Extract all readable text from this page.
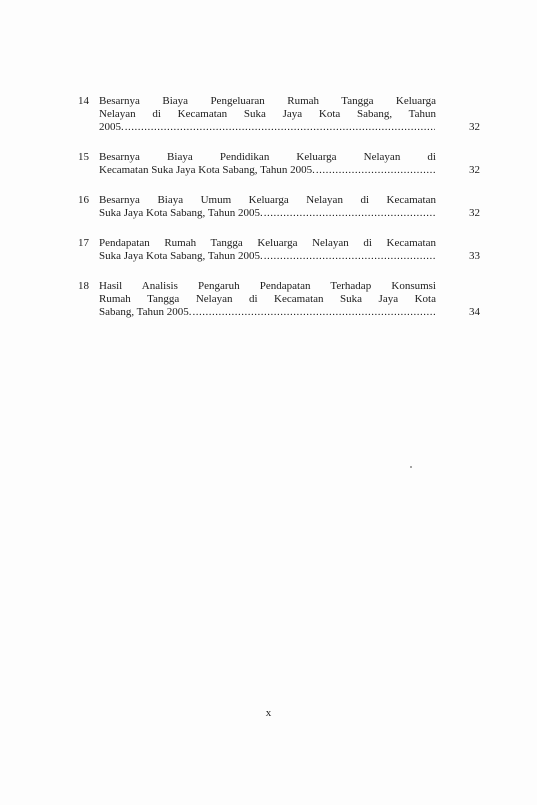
14 Besarnya Biaya Pengeluaran Rumah Tangga Keluarga
Nelayan di Kecamatan Suka Jaya Kota Sabang, Tahun
2005. .....	32
15 Besarnya Biaya Pendidikan Keluarga Nelayan di
Kecamatan Suka Jaya Kota Sabang, Tahun 2005. .....	32
16 Besarnya Biaya Umum Keluarga Nelayan di Kecamatan
Suka Jaya Kota Sabang, Tahun 2005. .....	32
17 Pendapatan Rumah Tangga Keluarga Nelayan di Kecamatan
Suka Jaya Kota Sabang, Tahun 2005. .....	33
18 Hasil Analisis Pengaruh Pendapatan Terhadap Konsumsi
Rumah Tangga Nelayan di Kecamatan Suka Jaya Kota
Sabang, Tahun 2005. .....	34
x
